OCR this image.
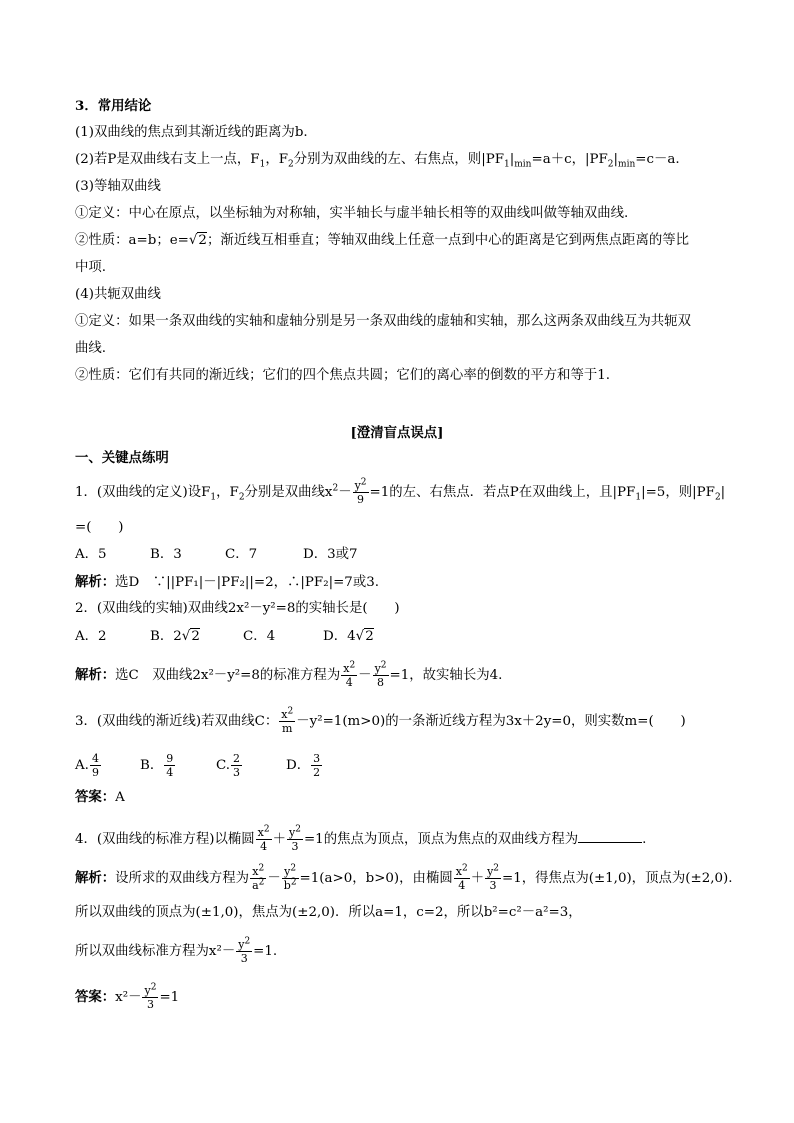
3．常用结论
(1)双曲线的焦点到其渐近线的距离为b.
(2)若P是双曲线右支上一点，$F_1$，$F_2$分别为双曲线的左、右焦点，则$|PF_1|_{min}=a+c$，$|PF_2|_{min}=c-a$.
(3)等轴双曲线
①定义：中心在原点，以坐标轴为对称轴，实半轴长与虚半轴长相等的双曲线叫做等轴双曲线.
②性质：a=b；e=√2；渐近线互相垂直；等轴双曲线上任意一点到中心的距离是它到两焦点距离的等比
中项.
(4)共轭双曲线
①定义：如果一条双曲线的实轴和虚轴分别是另一条双曲线的虚轴和实轴，那么这两条双曲线互为共轭双
曲线.
②性质：它们有共同的渐近线；它们的四个焦点共圆；它们的离心率的倒数的平方和等于1.
[澄清盲点误点]
一、关键点练明
1．(双曲线的定义)设$F_1$，$F_2$分别是双曲线$x^2- \frac{y^2}{9} =1$的左、右焦点．若点P在双曲线上，且$|PF_1|=5$，则$|PF_2|$
=(　　)
A．5	B．3	C．7	D．3或7
解析：选D　∵||PF₁|－|PF₂||=2，∴|PF₂|=7或3.
2．(双曲线的实轴)双曲线2x²－y²=8的实轴长是(　　)
A．2	B．2√2	C．4	D．4√2
解析：选C　双曲线2x²－y²=8的标准方程为 $\frac{x^2}{4} - \frac{y^2}{8} =1$，故实轴长为4.
3．(双曲线的渐近线)若双曲线C： $\frac{x^2}{m} -y^2=1(m>0)$的一条渐近线方程为3x＋2y=0，则实数m=(　　)
A. $\frac{4}{9}$	B． $\frac{9}{4}$	C. $\frac{2}{3}$	D． $\frac{3}{2}$
答案：A
4．(双曲线的标准方程)以椭圆 $\frac{x^2}{4} + \frac{y^2}{3} =1$的焦点为顶点，顶点为焦点的双曲线方程为	.
解析：设所求的双曲线方程为 $\frac{x^2}{a^2} - \frac{y^2}{b^2} =1(a>0$，b>0)，由椭圆 $\frac{x^2}{4} + \frac{y^2}{3} =1$，得焦点为(±1,0)，顶点为(±2,0).
所以双曲线的顶点为(±1,0)，焦点为(±2,0)．所以a=1，c=2，所以b²=c²－a²=3，
所以双曲线标准方程为$x^2- \frac{y^2}{3} =1$.
答案：$x^2- \frac{y^2}{3} =1$
